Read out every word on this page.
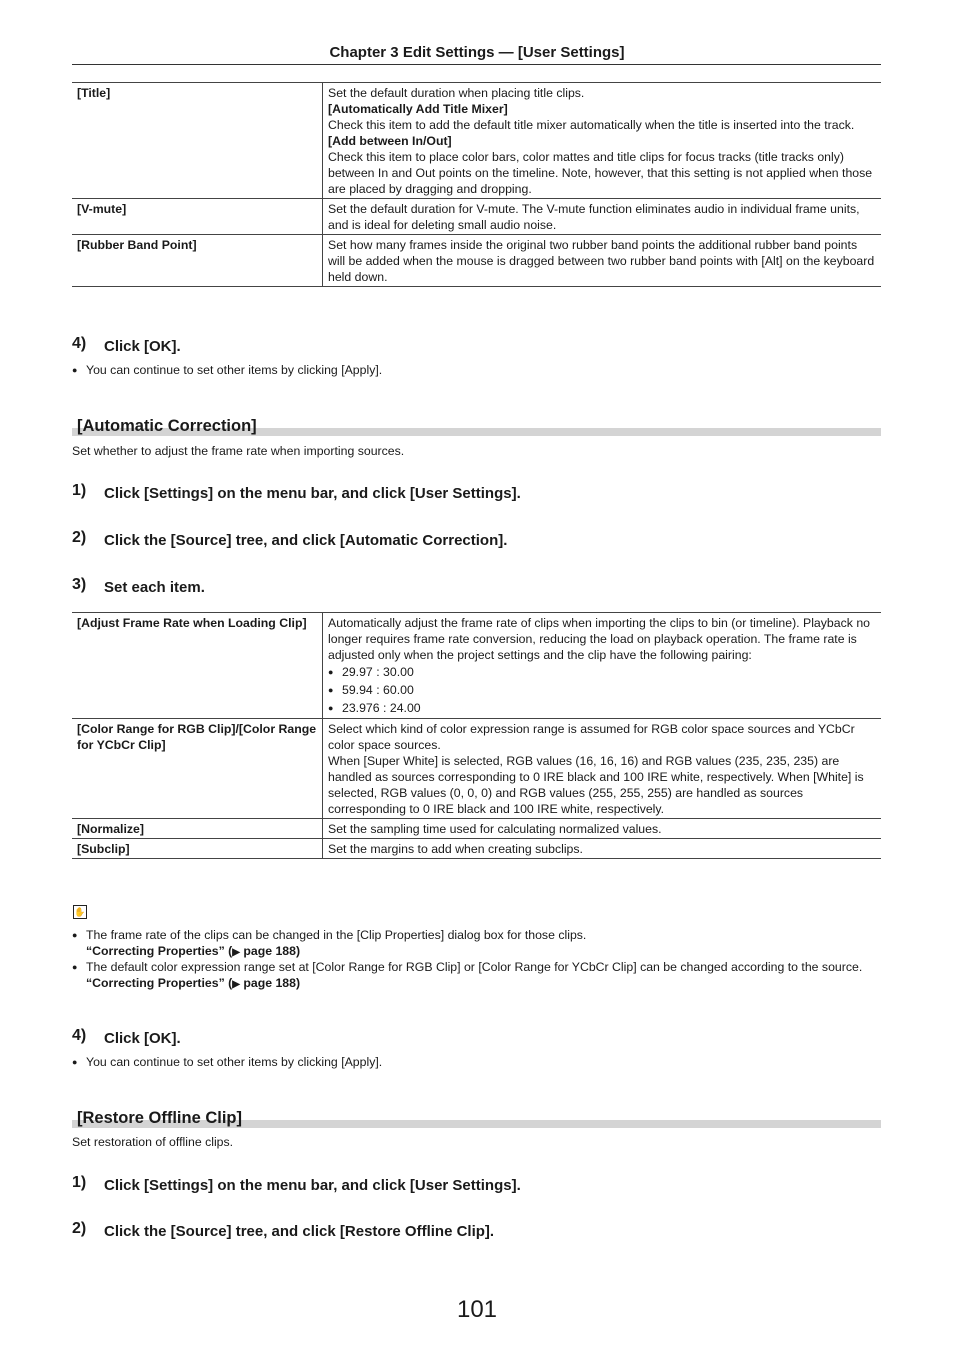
Chapter 3 Edit Settings — [User Settings]
[Title]	Set the default duration when placing title clips.
[Automatically Add Title Mixer]
Check this item to add the default title mixer automatically when the title is inserted into the track.
[Add between In/Out]
Check this item to place color bars, color mattes and title clips for focus tracks (title tracks only) between In and Out points on the timeline. Note, however, that this setting is not applied when those are placed by dragging and dropping.

[V-mute]	Set the default duration for V-mute. The V-mute function eliminates audio in individual frame units, and is ideal for deleting small audio noise.
[Rubber Band Point]	Set how many frames inside the original two rubber band points the additional rubber band points will be added when the mouse is dragged between two rubber band points with [Alt] on the keyboard held down.
4) Click [OK].
● You can continue to set other items by clicking [Apply].
[Automatic Correction]
Set whether to adjust the frame rate when importing sources.
1) Click [Settings] on the menu bar, and click [User Settings].
2) Click the [Source] tree, and click [Automatic Correction].
3) Set each item.
[Adjust Frame Rate when Loading Clip]	Automatically adjust the frame rate of clips when importing the clips to bin (or timeline). Playback no longer requires frame rate conversion, reducing the load on playback operation. The frame rate is adjusted only when the project settings and the clip have the following pairing:
● 29.97 : 30.00
● 59.94 : 60.00
● 23.976 : 24.00

[Color Range for RGB Clip]/[Color Range for YCbCr Clip]	Select which kind of color expression range is assumed for RGB color space sources and YCbCr color space sources.
When [Super White] is selected, RGB values (16, 16, 16) and RGB values (235, 235, 235) are handled as sources corresponding to 0 IRE black and 100 IRE white, respectively. When [White] is selected, RGB values (0, 0, 0) and RGB values (255, 255, 255) are handled as sources corresponding to 0 IRE black and 100 IRE white, respectively.

[Normalize]	Set the sampling time used for calculating normalized values.
[Subclip]	Set the margins to add when creating subclips.
✋
● The frame rate of the clips can be changed in the [Clip Properties] dialog box for those clips.
“Correcting Properties” (▶ page 188)
● The default color expression range set at [Color Range for RGB Clip] or [Color Range for YCbCr Clip] can be changed according to the source.
“Correcting Properties” (▶ page 188)
4) Click [OK].
● You can continue to set other items by clicking [Apply].
[Restore Offline Clip]
Set restoration of offline clips.
1) Click [Settings] on the menu bar, and click [User Settings].
2) Click the [Source] tree, and click [Restore Offline Clip].
101
